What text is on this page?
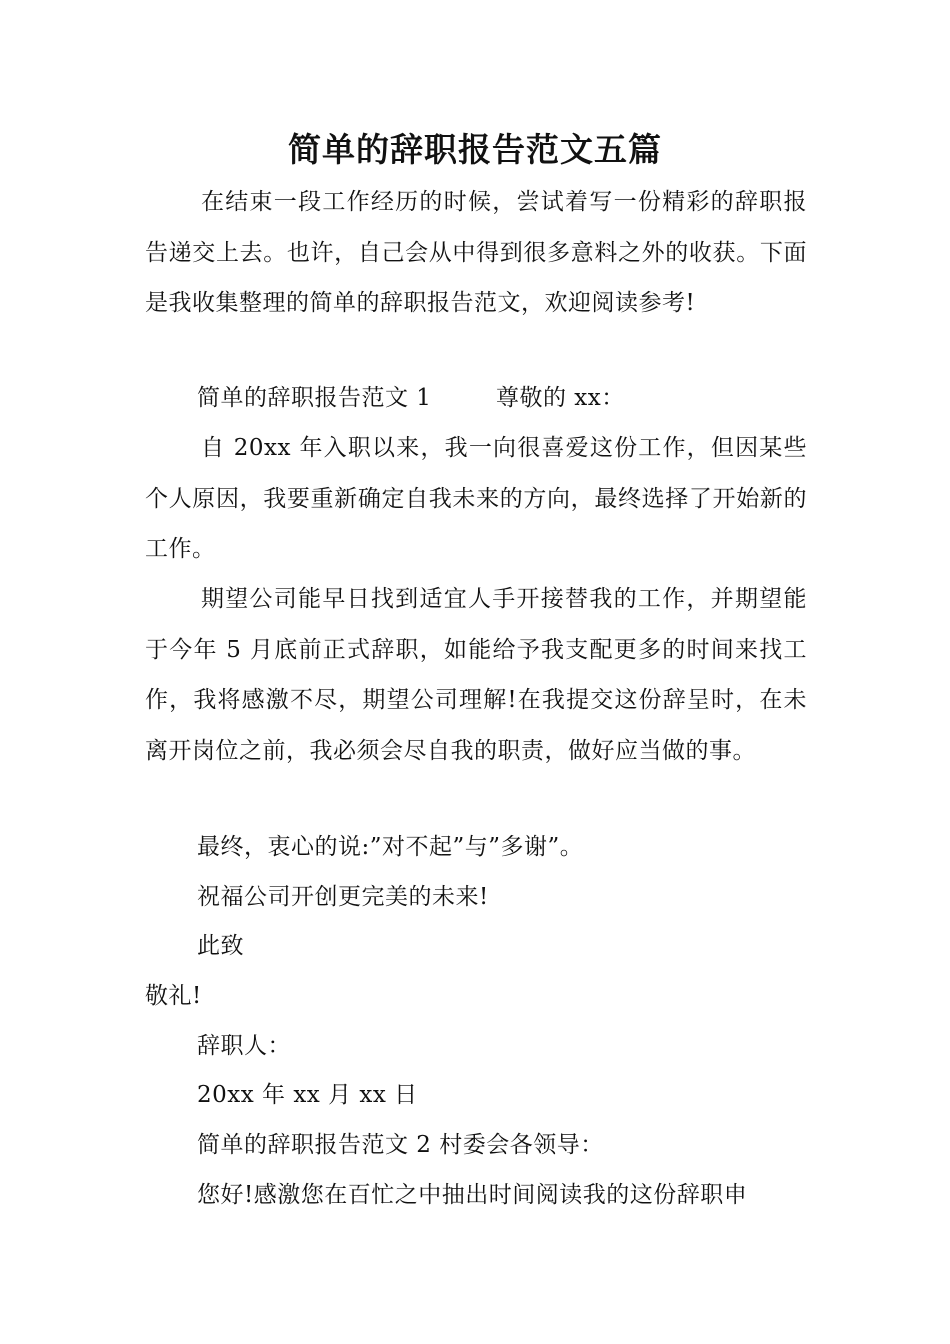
简单的辞职报告范文五篇

在结束一段工作经历的时候，尝试着写一份精彩的辞职报告递交上去。也许，自己会从中得到很多意料之外的收获。下面是我收集整理的简单的辞职报告范文，欢迎阅读参考!

简单的辞职报告范文 1	尊敬的 xx：

自 20xx 年入职以来，我一向很喜爱这份工作，但因某些个人原因，我要重新确定自我未来的方向，最终选择了开始新的工作。

期望公司能早日找到适宜人手开接替我的工作，并期望能于今年 5 月底前正式辞职，如能给予我支配更多的时间来找工作，我将感激不尽，期望公司理解!在我提交这份辞呈时，在未离开岗位之前，我必须会尽自我的职责，做好应当做的事。

最终，衷心的说:”对不起”与”多谢”。

祝福公司开创更完美的未来!

此致

敬礼!

辞职人：

20xx 年 xx 月 xx 日

简单的辞职报告范文 2 村委会各领导：

您好!感激您在百忙之中抽出时间阅读我的这份辞职申
